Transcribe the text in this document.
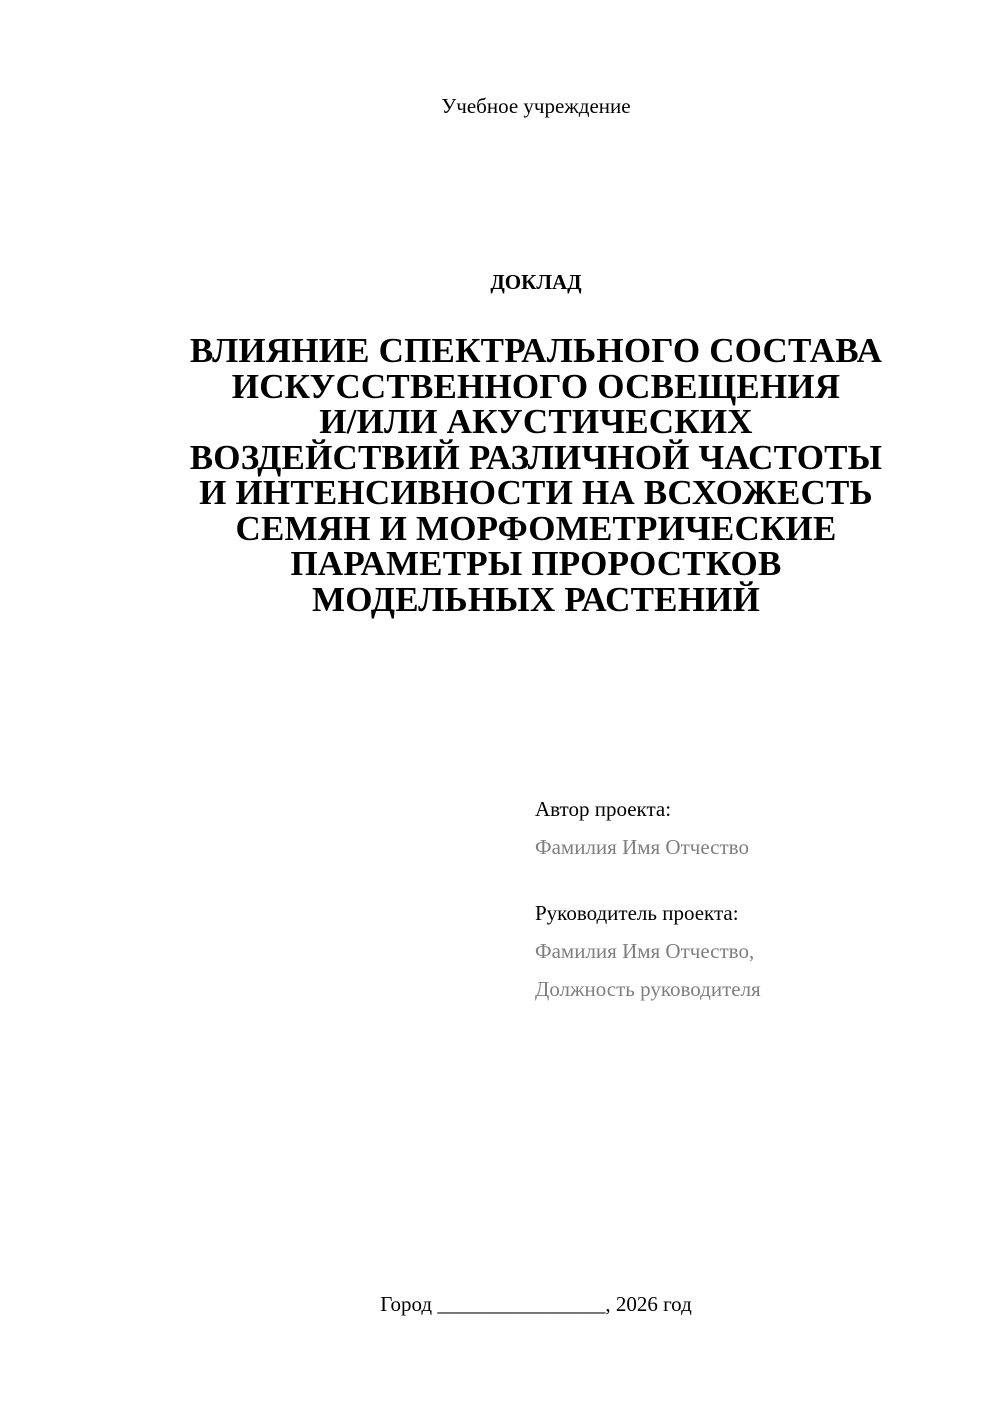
Учебное учреждение
ДОКЛАД
ВЛИЯНИЕ СПЕКТРАЛЬНОГО СОСТАВА
ИСКУССТВЕННОГО ОСВЕЩЕНИЯ
И/ИЛИ АКУСТИЧЕСКИХ
ВОЗДЕЙСТВИЙ РАЗЛИЧНОЙ ЧАСТОТЫ
И ИНТЕНСИВНОСТИ НА ВСХОЖЕСТЬ
СЕМЯН И МОРФОМЕТРИЧЕСКИЕ
ПАРАМЕТРЫ ПРОРОСТКОВ
МОДЕЛЬНЫХ РАСТЕНИЙ
Автор проекта:
Фамилия Имя Отчество
Руководитель проекта:
Фамилия Имя Отчество,
Должность руководителя
Город ________________, 2026 год
